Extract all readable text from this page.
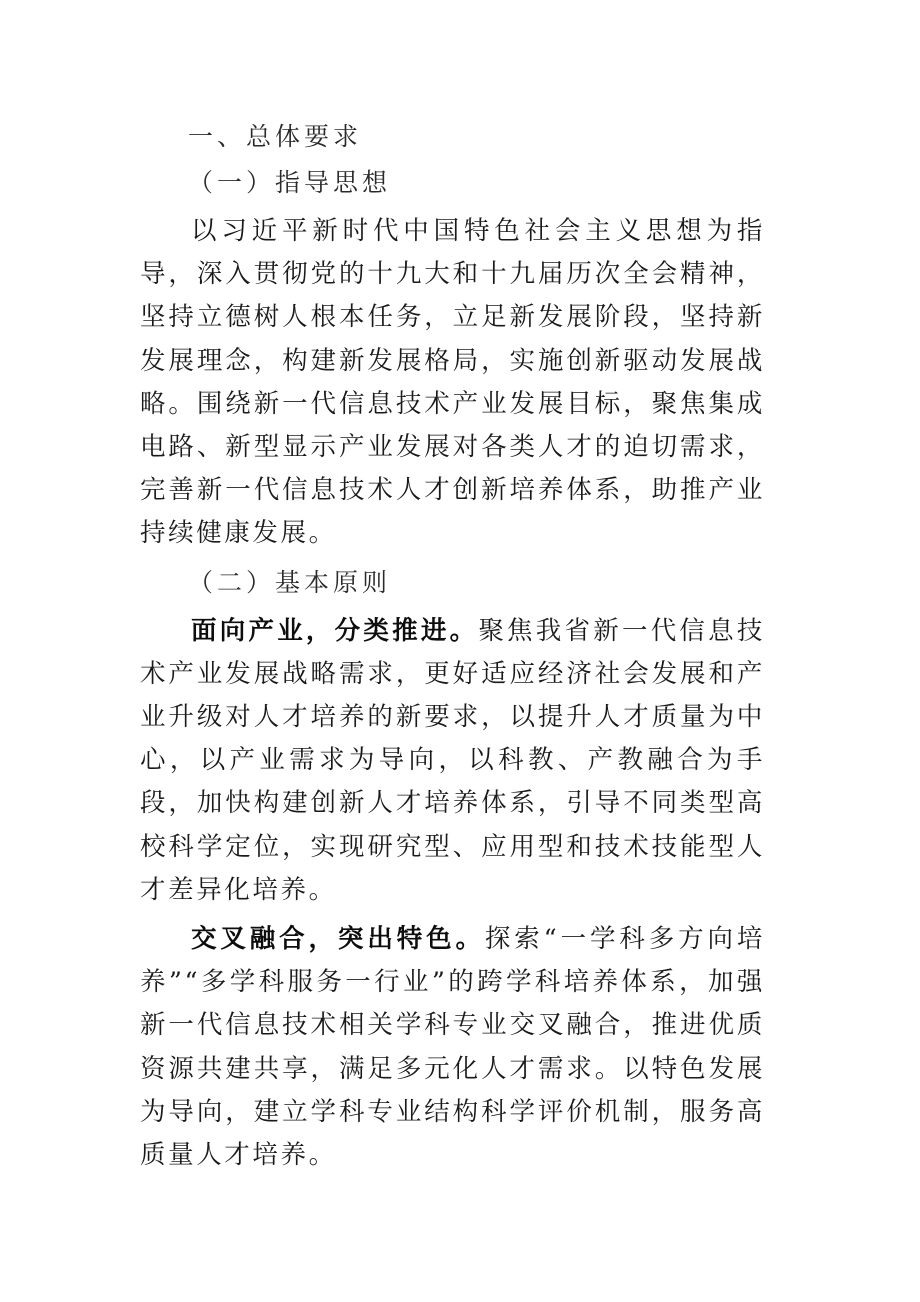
一、总体要求
（一）指导思想

以习近平新时代中国特色社会主义思想为指导，深入贯彻党的十九大和十九届历次全会精神，坚持立德树人根本任务，立足新发展阶段，坚持新发展理念，构建新发展格局，实施创新驱动发展战略。围绕新一代信息技术产业发展目标，聚焦集成电路、新型显示产业发展对各类人才的迫切需求，完善新一代信息技术人才创新培养体系，助推产业持续健康发展。

（二）基本原则

面向产业，分类推进。聚焦我省新一代信息技术产业发展战略需求，更好适应经济社会发展和产业升级对人才培养的新要求，以提升人才质量为中心，以产业需求为导向，以科教、产教融合为手段，加快构建创新人才培养体系，引导不同类型高校科学定位，实现研究型、应用型和技术技能型人才差异化培养。

交叉融合，突出特色。探索“一学科多方向培养”“多学科服务一行业”的跨学科培养体系，加强新一代信息技术相关学科专业交叉融合，推进优质资源共建共享，满足多元化人才需求。以特色发展为导向，建立学科专业结构科学评价机制，服务高质量人才培养。
